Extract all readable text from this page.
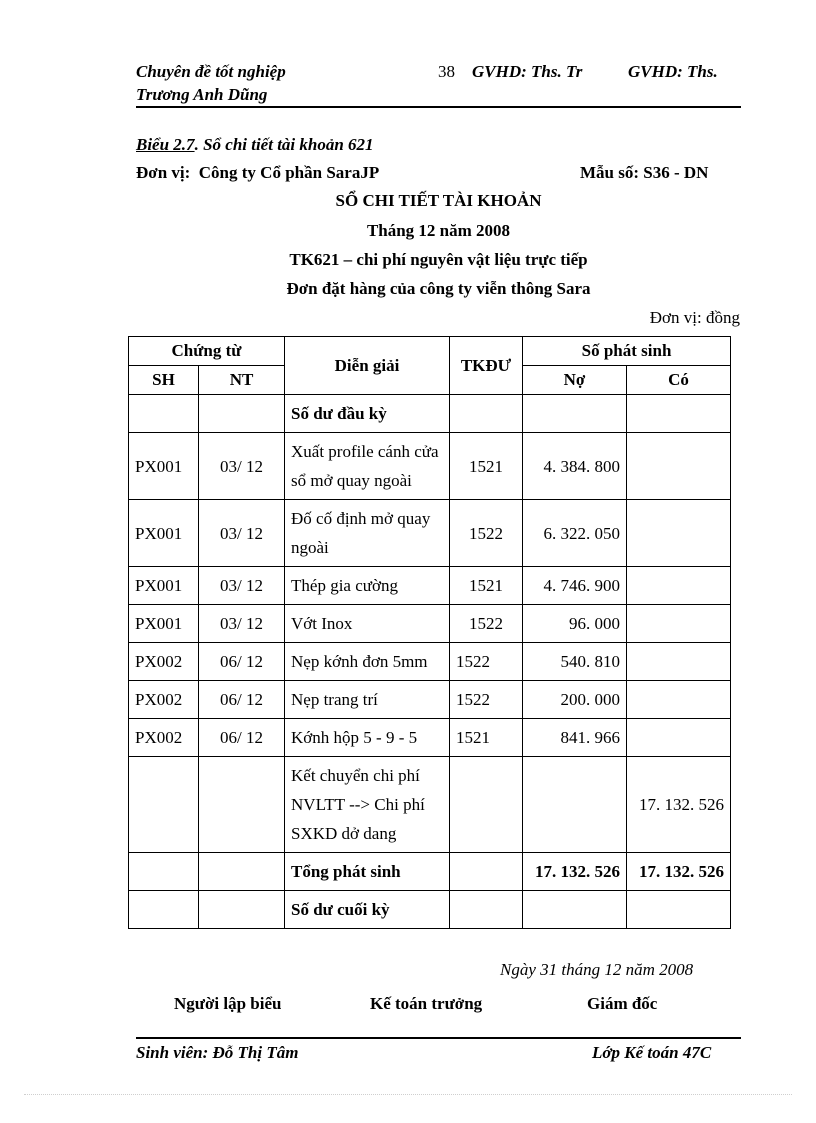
Chuyên đề tốt nghiệp
Trương Anh Dũng
38 GVHD: Ths. Tr	GVHD: Ths.
Biểu 2.7. Sổ chi tiết tài khoản 621
Đơn vị: Công ty Cổ phần SaraJP	Mẫu số: S36 - DN
SỔ CHI TIẾT TÀI KHOẢN
Tháng 12 năm 2008
TK621 – chi phí nguyên vật liệu trực tiếp
Đơn đặt hàng của công ty viễn thông Sara
Đơn vị: đồng
Chứng từ		Diễn giải	TKĐƯ	Số phát sinh	
SH	NT			Nợ	Có
		Số dư đầu kỳ			
PX001	03/ 12	Xuất profile cánh cửa sổ mở quay ngoài	1521	4. 384. 800	
PX001	03/ 12	Đố cố định mở quay ngoài	1522	6. 322. 050	
PX001	03/ 12	Thép gia cường	1521	4. 746. 900	
PX001	03/ 12	Vớt Inox	1522	96. 000	
PX002	06/ 12	Nẹp kớnh đơn 5mm	1522	540. 810	
PX002	06/ 12	Nẹp trang trí	1522	200. 000	
PX002	06/ 12	Kớnh hộp 5 - 9 - 5	1521	841. 966	
		Kết chuyển chi phí NVLTT --> Chi phí SXKD dở dang			17. 132. 526
		Tổng phát sinh		17. 132. 526	17. 132. 526
		Số dư cuối kỳ			
Ngày 31 tháng 12 năm 2008
Người lập biểu	Kế toán trưởng	Giám đốc
Sinh viên: Đỗ Thị Tâm	Lớp Kế toán 47C
